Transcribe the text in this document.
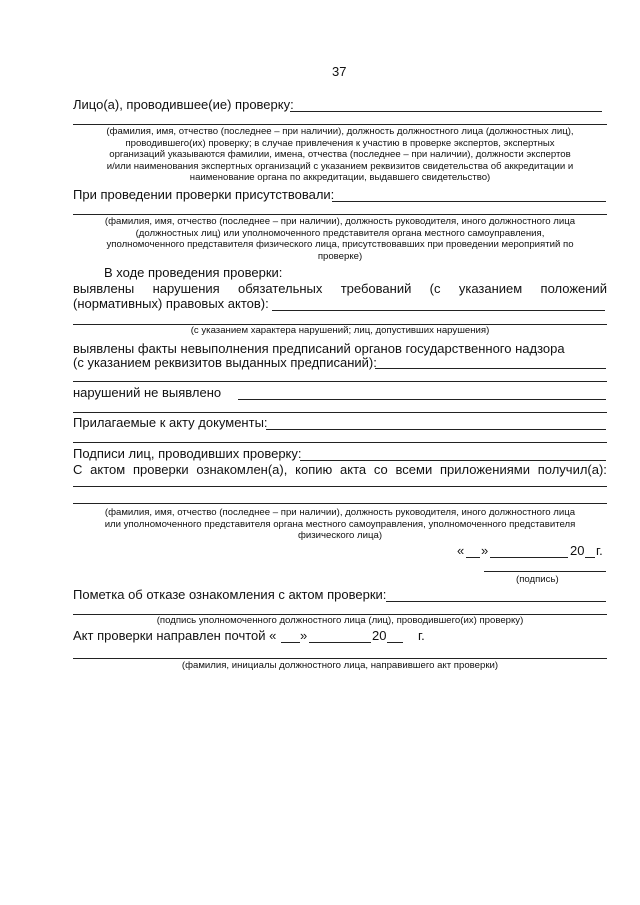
37
Лицо(а), проводившее(ие) проверку:
(фамилия, имя, отчество (последнее – при наличии), должность должностного лица (должностных лиц),
проводившего(их) проверку; в случае привлечения к участию в проверке экспертов, экспертных
организаций указываются фамилии, имена, отчества (последнее – при наличии), должности экспертов
и/или наименования экспертных организаций с указанием реквизитов свидетельства об аккредитации и
наименование органа по аккредитации, выдавшего свидетельство)
При проведении проверки присутствовали:
(фамилия, имя, отчество (последнее – при наличии), должность руководителя, иного должностного лица
(должностных лиц) или уполномоченного представителя органа местного самоуправления,
уполномоченного представителя физического лица, присутствовавших при проведении мероприятий по
проверке)
В ходе проведения проверки:
выявлены нарушения обязательных требований (с указанием положений
(нормативных) правовых актов):
(с указанием характера нарушений; лиц, допустивших нарушения)
выявлены факты невыполнения предписаний органов государственного надзора
(с указанием реквизитов выданных предписаний):
нарушений не выявлено
Прилагаемые к акту документы:
Подписи лиц, проводивших проверку:
С актом проверки ознакомлен(а), копию акта со всеми приложениями получил(а):
(фамилия, имя, отчество (последнее – при наличии), должность руководителя, иного должностного лица
или уполномоченного представителя органа местного самоуправления, уполномоченного представителя
физического лица)
« »	20 г.
(подпись)
Пометка об отказе ознакомления с актом проверки:
(подпись уполномоченного должностного лица (лиц), проводившего(их) проверку)
Акт проверки направлен почтой « »	20 г.
(фамилия, инициалы должностного лица, направившего акт проверки)
